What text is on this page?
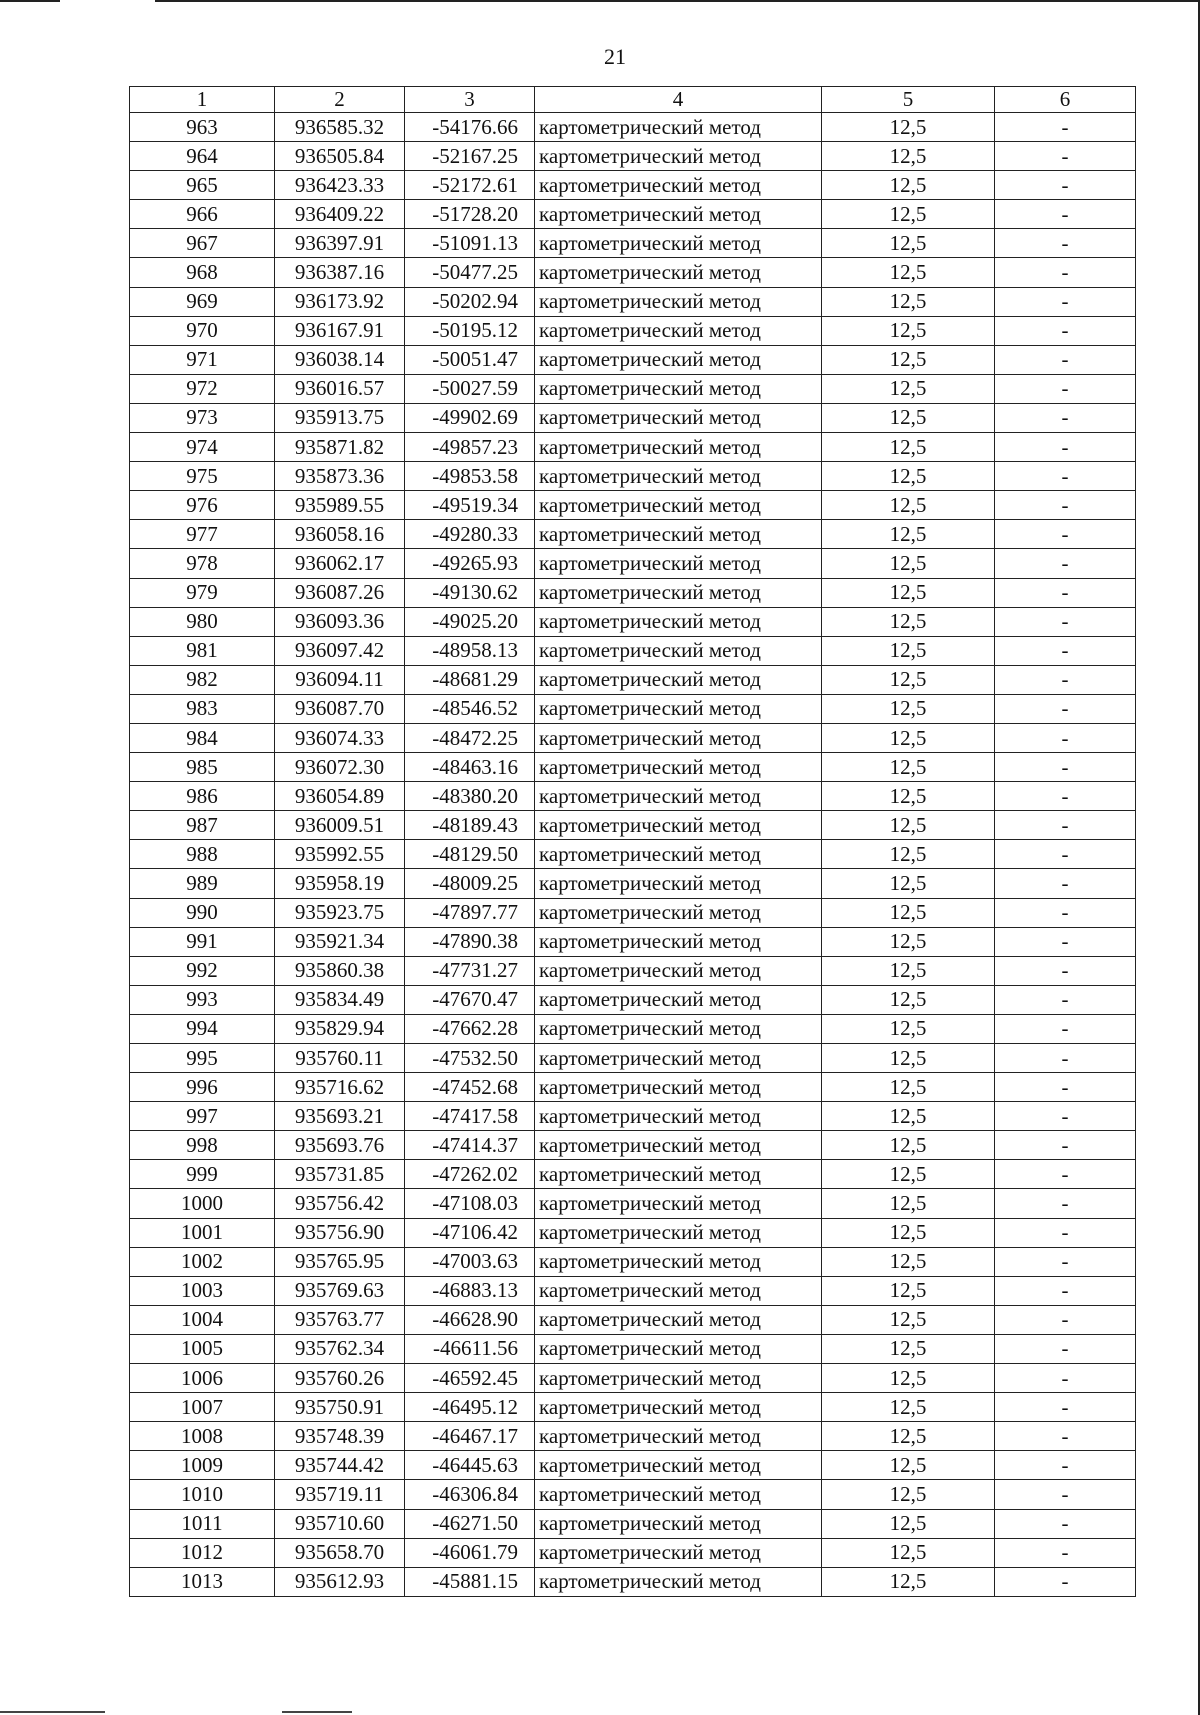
21
1	2	3	4	5	6
963	936585.32	-54176.66	картометрический метод	12,5	-
964	936505.84	-52167.25	картометрический метод	12,5	-
965	936423.33	-52172.61	картометрический метод	12,5	-
966	936409.22	-51728.20	картометрический метод	12,5	-
967	936397.91	-51091.13	картометрический метод	12,5	-
968	936387.16	-50477.25	картометрический метод	12,5	-
969	936173.92	-50202.94	картометрический метод	12,5	-
970	936167.91	-50195.12	картометрический метод	12,5	-
971	936038.14	-50051.47	картометрический метод	12,5	-
972	936016.57	-50027.59	картометрический метод	12,5	-
973	935913.75	-49902.69	картометрический метод	12,5	-
974	935871.82	-49857.23	картометрический метод	12,5	-
975	935873.36	-49853.58	картометрический метод	12,5	-
976	935989.55	-49519.34	картометрический метод	12,5	-
977	936058.16	-49280.33	картометрический метод	12,5	-
978	936062.17	-49265.93	картометрический метод	12,5	-
979	936087.26	-49130.62	картометрический метод	12,5	-
980	936093.36	-49025.20	картометрический метод	12,5	-
981	936097.42	-48958.13	картометрический метод	12,5	-
982	936094.11	-48681.29	картометрический метод	12,5	-
983	936087.70	-48546.52	картометрический метод	12,5	-
984	936074.33	-48472.25	картометрический метод	12,5	-
985	936072.30	-48463.16	картометрический метод	12,5	-
986	936054.89	-48380.20	картометрический метод	12,5	-
987	936009.51	-48189.43	картометрический метод	12,5	-
988	935992.55	-48129.50	картометрический метод	12,5	-
989	935958.19	-48009.25	картометрический метод	12,5	-
990	935923.75	-47897.77	картометрический метод	12,5	-
991	935921.34	-47890.38	картометрический метод	12,5	-
992	935860.38	-47731.27	картометрический метод	12,5	-
993	935834.49	-47670.47	картометрический метод	12,5	-
994	935829.94	-47662.28	картометрический метод	12,5	-
995	935760.11	-47532.50	картометрический метод	12,5	-
996	935716.62	-47452.68	картометрический метод	12,5	-
997	935693.21	-47417.58	картометрический метод	12,5	-
998	935693.76	-47414.37	картометрический метод	12,5	-
999	935731.85	-47262.02	картометрический метод	12,5	-
1000	935756.42	-47108.03	картометрический метод	12,5	-
1001	935756.90	-47106.42	картометрический метод	12,5	-
1002	935765.95	-47003.63	картометрический метод	12,5	-
1003	935769.63	-46883.13	картометрический метод	12,5	-
1004	935763.77	-46628.90	картометрический метод	12,5	-
1005	935762.34	-46611.56	картометрический метод	12,5	-
1006	935760.26	-46592.45	картометрический метод	12,5	-
1007	935750.91	-46495.12	картометрический метод	12,5	-
1008	935748.39	-46467.17	картометрический метод	12,5	-
1009	935744.42	-46445.63	картометрический метод	12,5	-
1010	935719.11	-46306.84	картометрический метод	12,5	-
1011	935710.60	-46271.50	картометрический метод	12,5	-
1012	935658.70	-46061.79	картометрический метод	12,5	-
1013	935612.93	-45881.15	картометрический метод	12,5	-
